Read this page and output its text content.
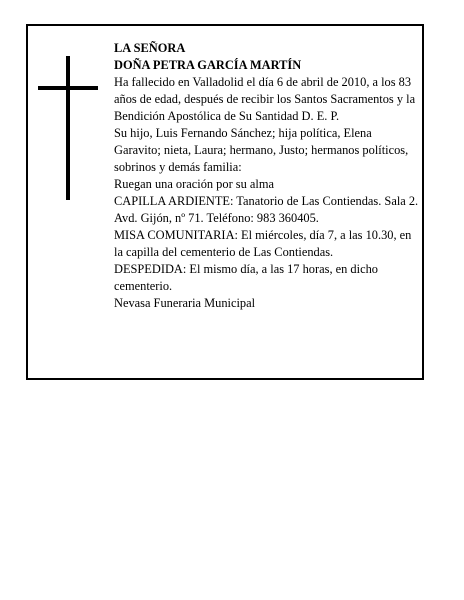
LA SEÑORA

DOÑA PETRA GARCÍA MARTÍN

Ha fallecido en Valladolid el día 6 de abril de 2010, a los 83 años de edad, después de recibir los Santos Sacramentos y la Bendición Apostólica de Su Santidad D. E. P.

Su hijo, Luis Fernando Sánchez; hija política, Elena Garavito; nieta, Laura; hermano, Justo; hermanos políticos, sobrinos y demás familia:

Ruegan una oración por su alma

CAPILLA ARDIENTE: Tanatorio de Las Contiendas. Sala 2. Avd. Gijón, nº 71. Teléfono: 983 360405.

MISA COMUNITARIA: El miércoles, día 7, a las 10.30, en la capilla del cementerio de Las Contiendas.

DESPEDIDA: El mismo día, a las 17 horas, en dicho cementerio.

Nevasa Funeraria Municipal
